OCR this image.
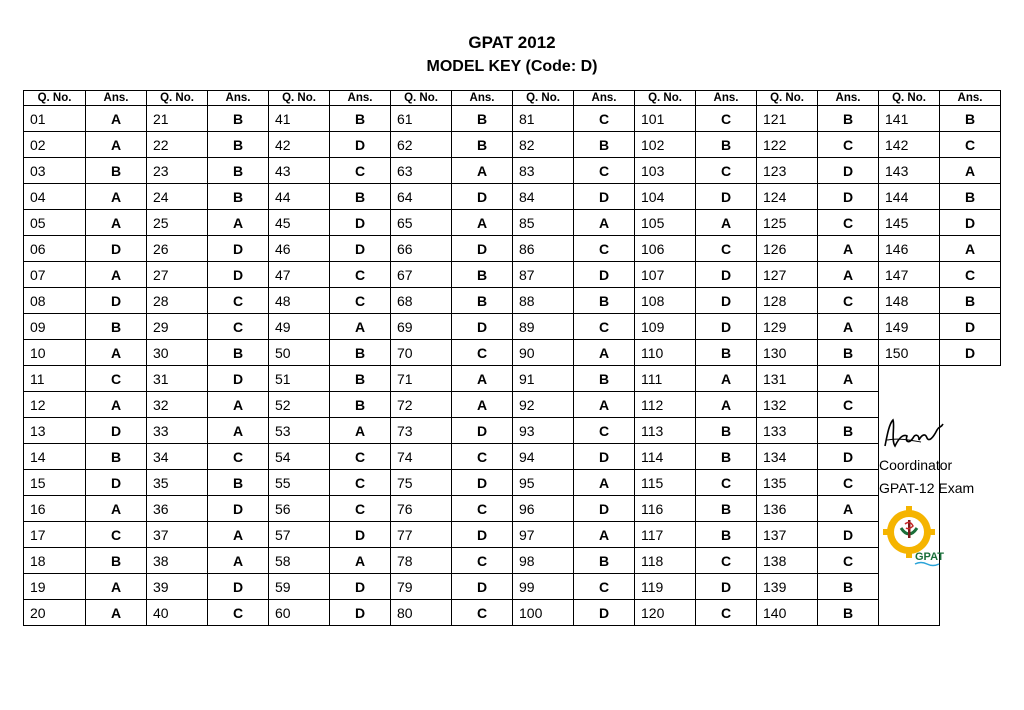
GPAT 2012
MODEL KEY (Code: D)
Q. No.	Ans.	Q. No.	Ans.	Q. No.	Ans.	Q. No.	Ans.	Q. No.	Ans.	Q. No.	Ans.	Q. No.	Ans.	Q. No.	Ans.
01	A	21	B	41	B	61	B	81	C	101	C	121	B	141	B
02	A	22	B	42	D	62	B	82	B	102	B	122	C	142	C
03	B	23	B	43	C	63	A	83	C	103	C	123	D	143	A
04	A	24	B	44	B	64	D	84	D	104	D	124	D	144	B
05	A	25	A	45	D	65	A	85	A	105	A	125	C	145	D
06	D	26	D	46	D	66	D	86	C	106	C	126	A	146	A
07	A	27	D	47	C	67	B	87	D	107	D	127	A	147	C
08	D	28	C	48	C	68	B	88	B	108	D	128	C	148	B
09	B	29	C	49	A	69	D	89	C	109	D	129	A	149	D
10	A	30	B	50	B	70	C	90	A	110	B	130	B	150	D
11	C	31	D	51	B	71	A	91	B	111	A	131	A	Coordinator
GPAT-12 Exam
GPAT	

12	A	32	A	52	B	72	A	92	A	112	A	132	C		
13	D	33	A	53	A	73	D	93	C	113	B	133	B		
14	B	34	C	54	C	74	C	94	D	114	B	134	D		
15	D	35	B	55	C	75	D	95	A	115	C	135	C		
16	A	36	D	56	C	76	C	96	D	116	B	136	A		
17	C	37	A	57	D	77	D	97	A	117	B	137	D		
18	B	38	A	58	A	78	C	98	B	118	C	138	C		
19	A	39	D	59	D	79	D	99	C	119	D	139	B		
20	A	40	C	60	D	80	C	100	D	120	C	140	B		
